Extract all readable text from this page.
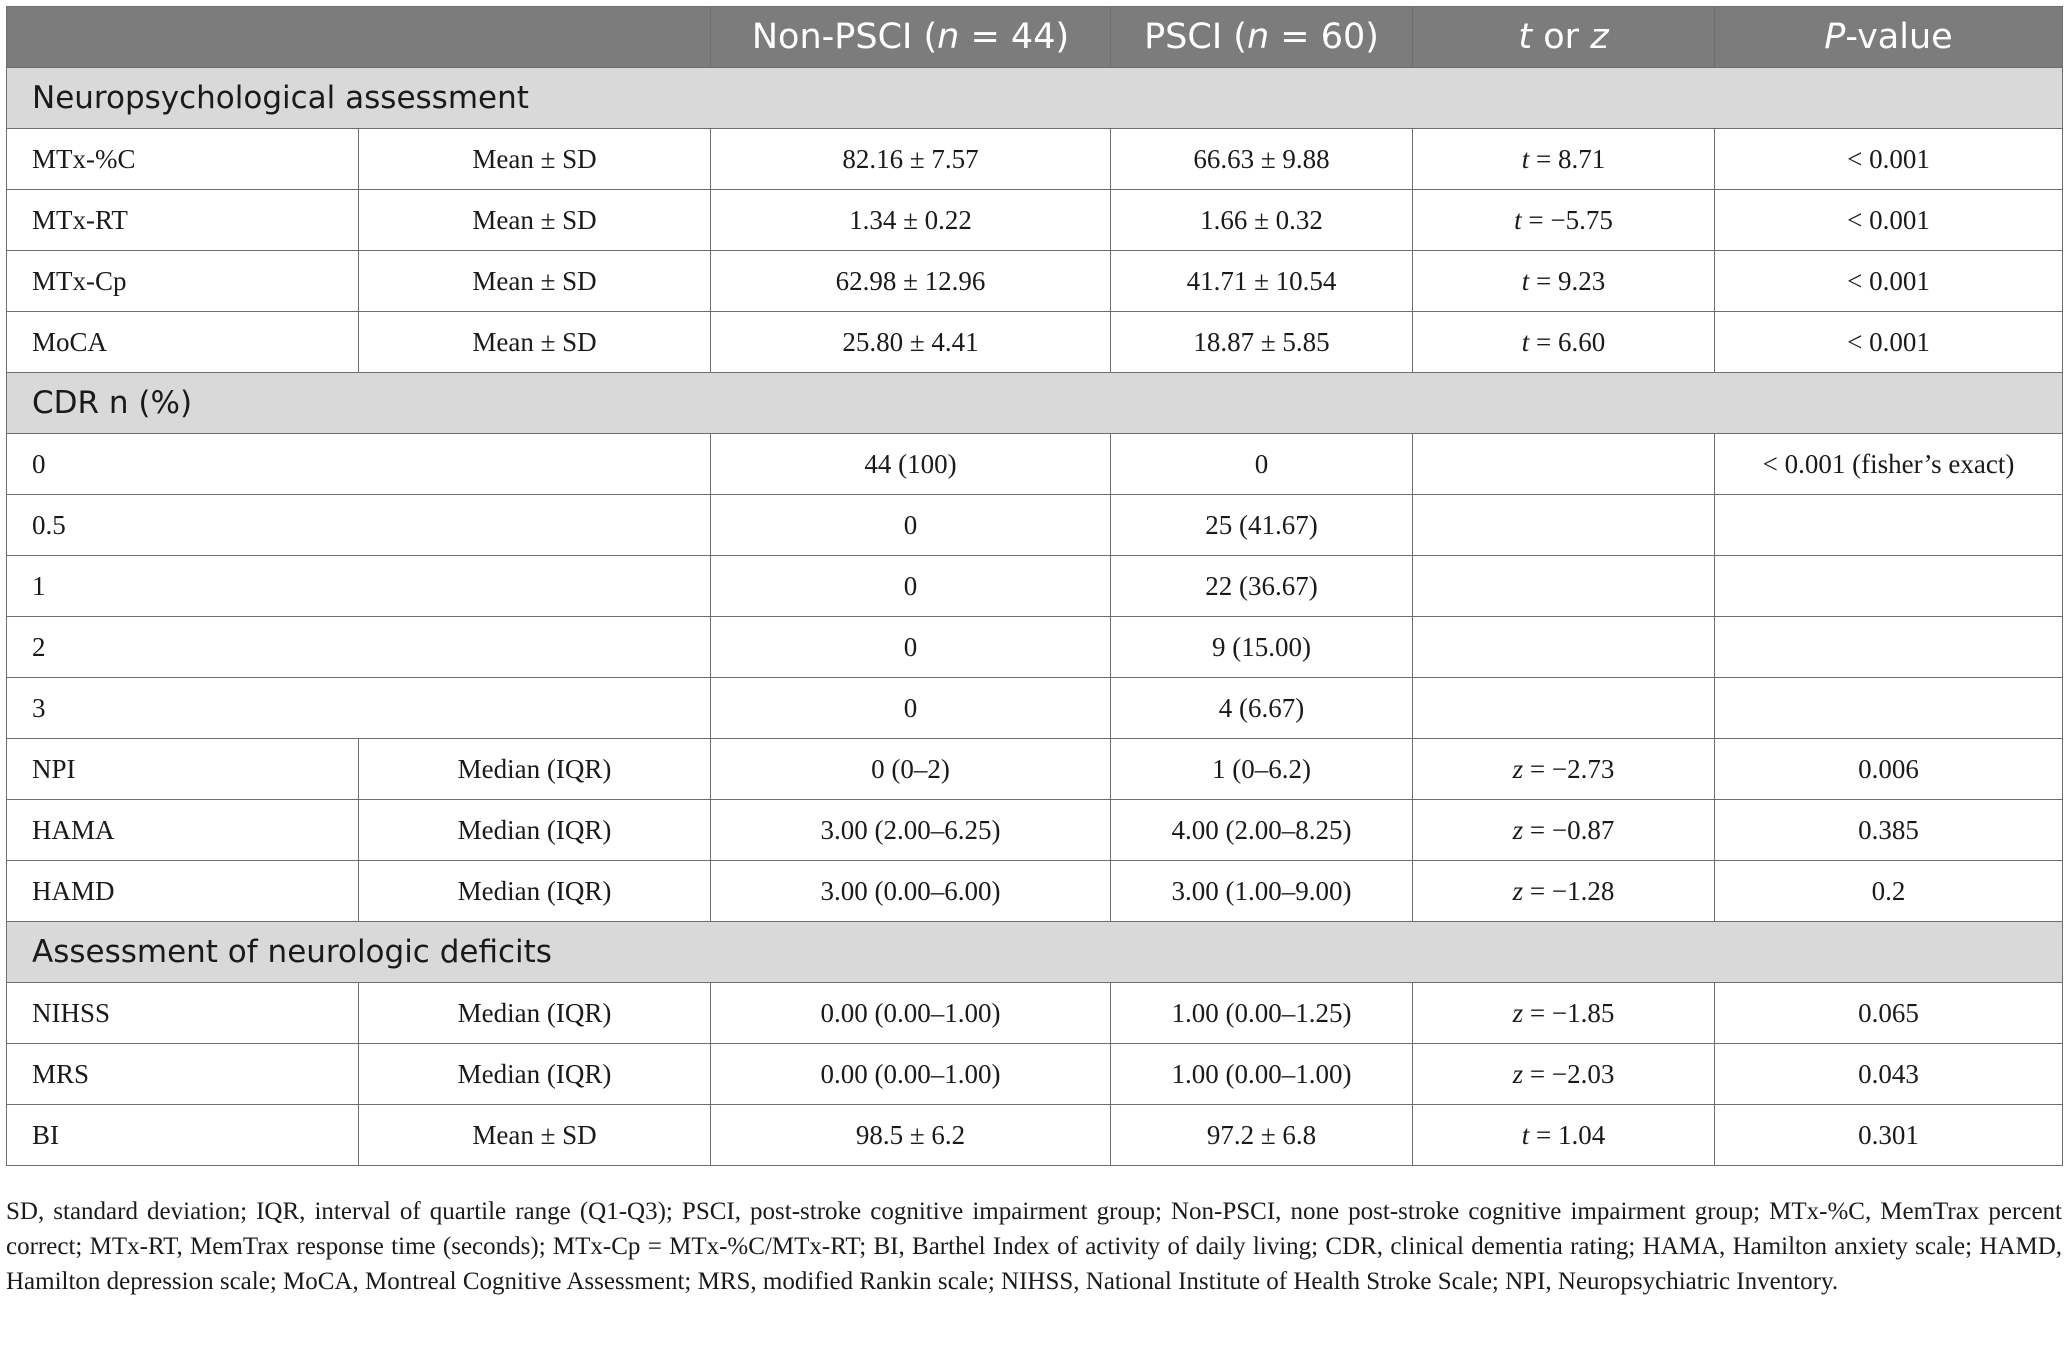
		Non-PSCI (n = 44)	PSCI (n = 60)	t or z	P-value
Neuropsychological assessment					
MTx-%C	Mean ± SD	82.16 ± 7.57	66.63 ± 9.88	t = 8.71	< 0.001
MTx-RT	Mean ± SD	1.34 ± 0.22	1.66 ± 0.32	t = −5.75	< 0.001
MTx-Cp	Mean ± SD	62.98 ± 12.96	41.71 ± 10.54	t = 9.23	< 0.001
MoCA	Mean ± SD	25.80 ± 4.41	18.87 ± 5.85	t = 6.60	< 0.001
CDR n (%)					
0		44 (100)	0		< 0.001 (fisher’s exact)
0.5		0	25 (41.67)		
1		0	22 (36.67)		
2		0	9 (15.00)		
3		0	4 (6.67)		
NPI	Median (IQR)	0 (0–2)	1 (0–6.2)	z = −2.73	0.006
HAMA	Median (IQR)	3.00 (2.00–6.25)	4.00 (2.00–8.25)	z = −0.87	0.385
HAMD	Median (IQR)	3.00 (0.00–6.00)	3.00 (1.00–9.00)	z = −1.28	0.2
Assessment of neurologic deficits					
NIHSS	Median (IQR)	0.00 (0.00–1.00)	1.00 (0.00–1.25)	z = −1.85	0.065
MRS	Median (IQR)	0.00 (0.00–1.00)	1.00 (0.00–1.00)	z = −2.03	0.043
BI	Mean ± SD	98.5 ± 6.2	97.2 ± 6.8	t = 1.04	0.301

SD, standard deviation; IQR, interval of quartile range (Q1-Q3); PSCI, post-stroke cognitive impairment group; Non-PSCI, none post-stroke cognitive impairment group; MTx-%C, MemTrax percent correct; MTx-RT, MemTrax response time (seconds); MTx-Cp = MTx-%C/MTx-RT; BI, Barthel Index of activity of daily living; CDR, clinical dementia rating; HAMA, Hamilton anxiety scale; HAMD, Hamilton depression scale; MoCA, Montreal Cognitive Assessment; MRS, modified Rankin scale; NIHSS, National Institute of Health Stroke Scale; NPI, Neuropsychiatric Inventory.
